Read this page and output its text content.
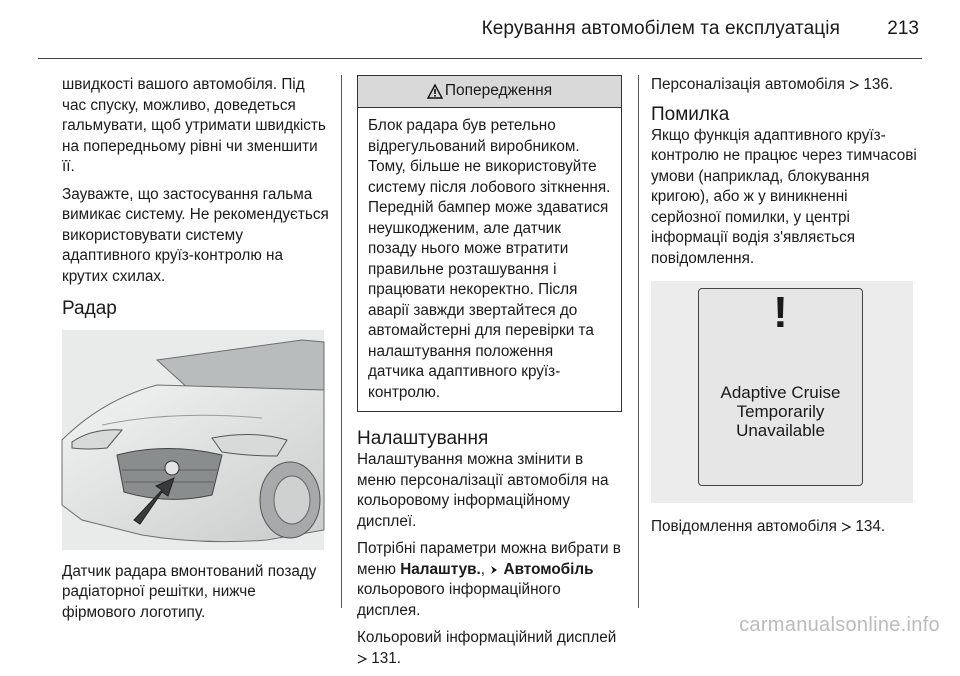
Керування автомобілем та експлуатація 213

швидкості вашого автомобіля. Під час спуску, можливо, доведеться гальмувати, щоб утримати швидкість на попередньому рівні чи зменшити її.

Зауважте, що застосування гальма вимикає систему. Не рекомендується використовувати систему адаптивного круїз-контролю на крутих схилах.

Радар

Датчик радара вмонтований позаду радіаторної решітки, нижче фірмового логотипу.

Попередження
Блок радара був ретельно відрегульований виробником. Тому, більше не використовуйте систему після лобового зіткнення. Передній бампер може здаватися неушкодженим, але датчик позаду нього може втратити правильне розташування і працювати некоректно. Після аварії завжди звертайтеся до автомайстерні для перевірки та налаштування положення датчика адаптивного круїз-контролю.
Налаштування

Налаштування можна змінити в меню персоналізації автомобіля на кольоровому інформаційному дисплеї.

Потрібні параметри можна вибрати в меню Налаштув.,  Автомобіль кольорового інформаційного дисплея.

Кольоровий інформаційний дисплей  131.

Персоналізація автомобіля 136.

Помилка

Якщо функція адаптивного круїз-контролю не працює через тимчасові умови (наприклад, блокування кригою), або ж у виникненні серйозної помилки, у центрі інформації водія з'являється повідомлення.

!
Adaptive Cruise
Temporarily
Unavailable

Повідомлення автомобіля 134.

carmanualsonline.info
